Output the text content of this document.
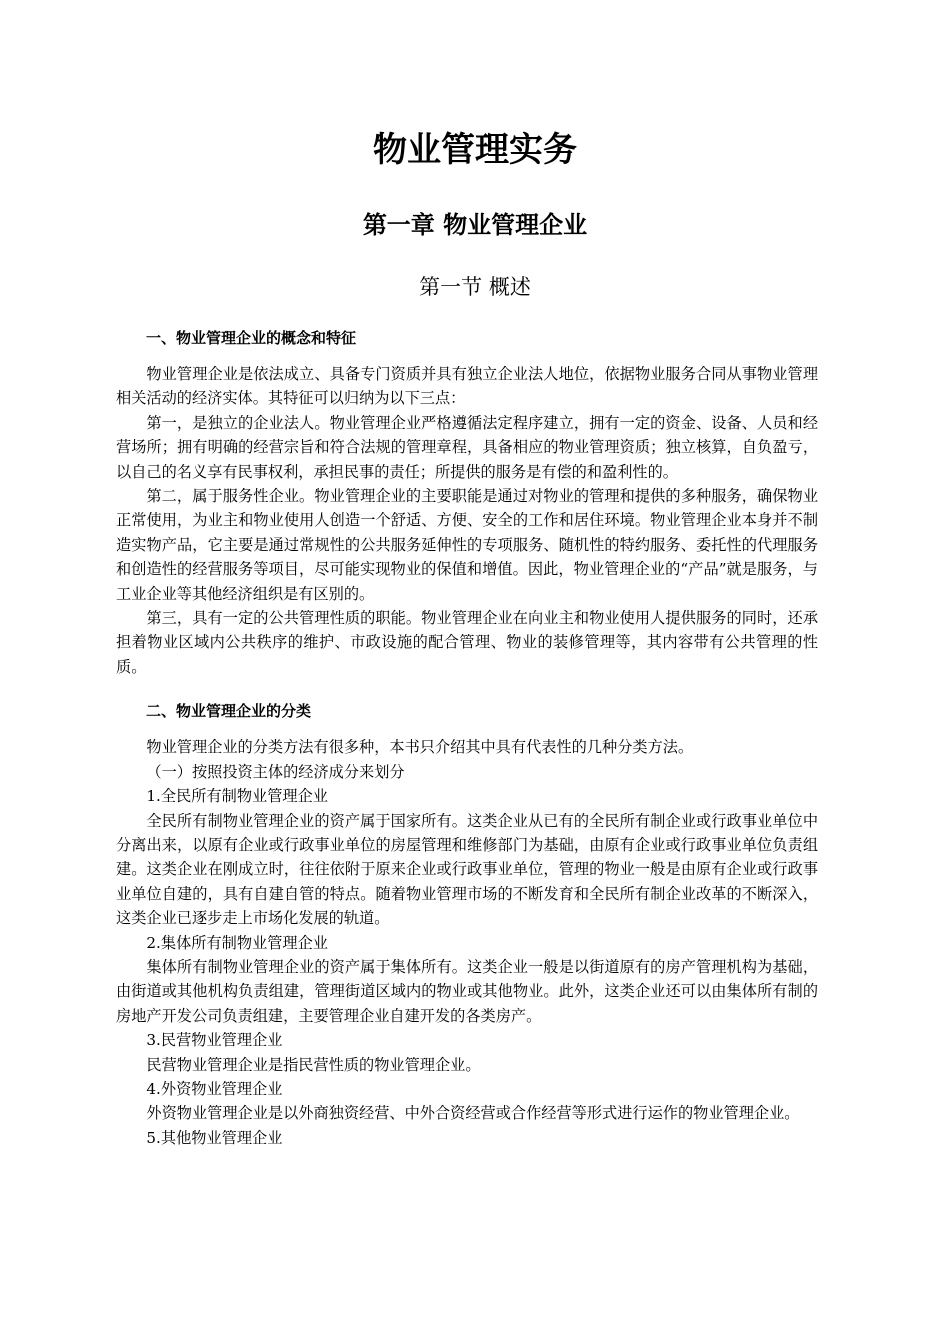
物业管理实务
第一章 物业管理企业
第一节 概述
一、物业管理企业的概念和特征

物业管理企业是依法成立、具备专门资质并具有独立企业法人地位，依据物业服务合同从事物业管理相关活动的经济实体。其特征可以归纳为以下三点：

第一，是独立的企业法人。物业管理企业严格遵循法定程序建立，拥有一定的资金、设备、人员和经营场所；拥有明确的经营宗旨和符合法规的管理章程，具备相应的物业管理资质；独立核算，自负盈亏，以自己的名义享有民事权利，承担民事的责任；所提供的服务是有偿的和盈利性的。

第二，属于服务性企业。物业管理企业的主要职能是通过对物业的管理和提供的多种服务，确保物业正常使用，为业主和物业使用人创造一个舒适、方便、安全的工作和居住环境。物业管理企业本身并不制造实物产品，它主要是通过常规性的公共服务延伸性的专项服务、随机性的特约服务、委托性的代理服务和创造性的经营服务等项目，尽可能实现物业的保值和增值。因此，物业管理企业的“产品”就是服务，与工业企业等其他经济组织是有区别的。

第三，具有一定的公共管理性质的职能。物业管理企业在向业主和物业使用人提供服务的同时，还承担着物业区域内公共秩序的维护、市政设施的配合管理、物业的装修管理等，其内容带有公共管理的性质。

二、物业管理企业的分类

物业管理企业的分类方法有很多种，本书只介绍其中具有代表性的几种分类方法。

（一）按照投资主体的经济成分来划分

1.全民所有制物业管理企业

全民所有制物业管理企业的资产属于国家所有。这类企业从已有的全民所有制企业或行政事业单位中分离出来，以原有企业或行政事业单位的房屋管理和维修部门为基础，由原有企业或行政事业单位负责组建。这类企业在刚成立时，往往依附于原来企业或行政事业单位，管理的物业一般是由原有企业或行政事业单位自建的，具有自建自管的特点。随着物业管理市场的不断发育和全民所有制企业改革的不断深入，这类企业已逐步走上市场化发展的轨道。

2.集体所有制物业管理企业

集体所有制物业管理企业的资产属于集体所有。这类企业一般是以街道原有的房产管理机构为基础，由街道或其他机构负责组建，管理街道区域内的物业或其他物业。此外，这类企业还可以由集体所有制的房地产开发公司负责组建，主要管理企业自建开发的各类房产。

3.民营物业管理企业

民营物业管理企业是指民营性质的物业管理企业。

4.外资物业管理企业

外资物业管理企业是以外商独资经营、中外合资经营或合作经营等形式进行运作的物业管理企业。

5.其他物业管理企业
